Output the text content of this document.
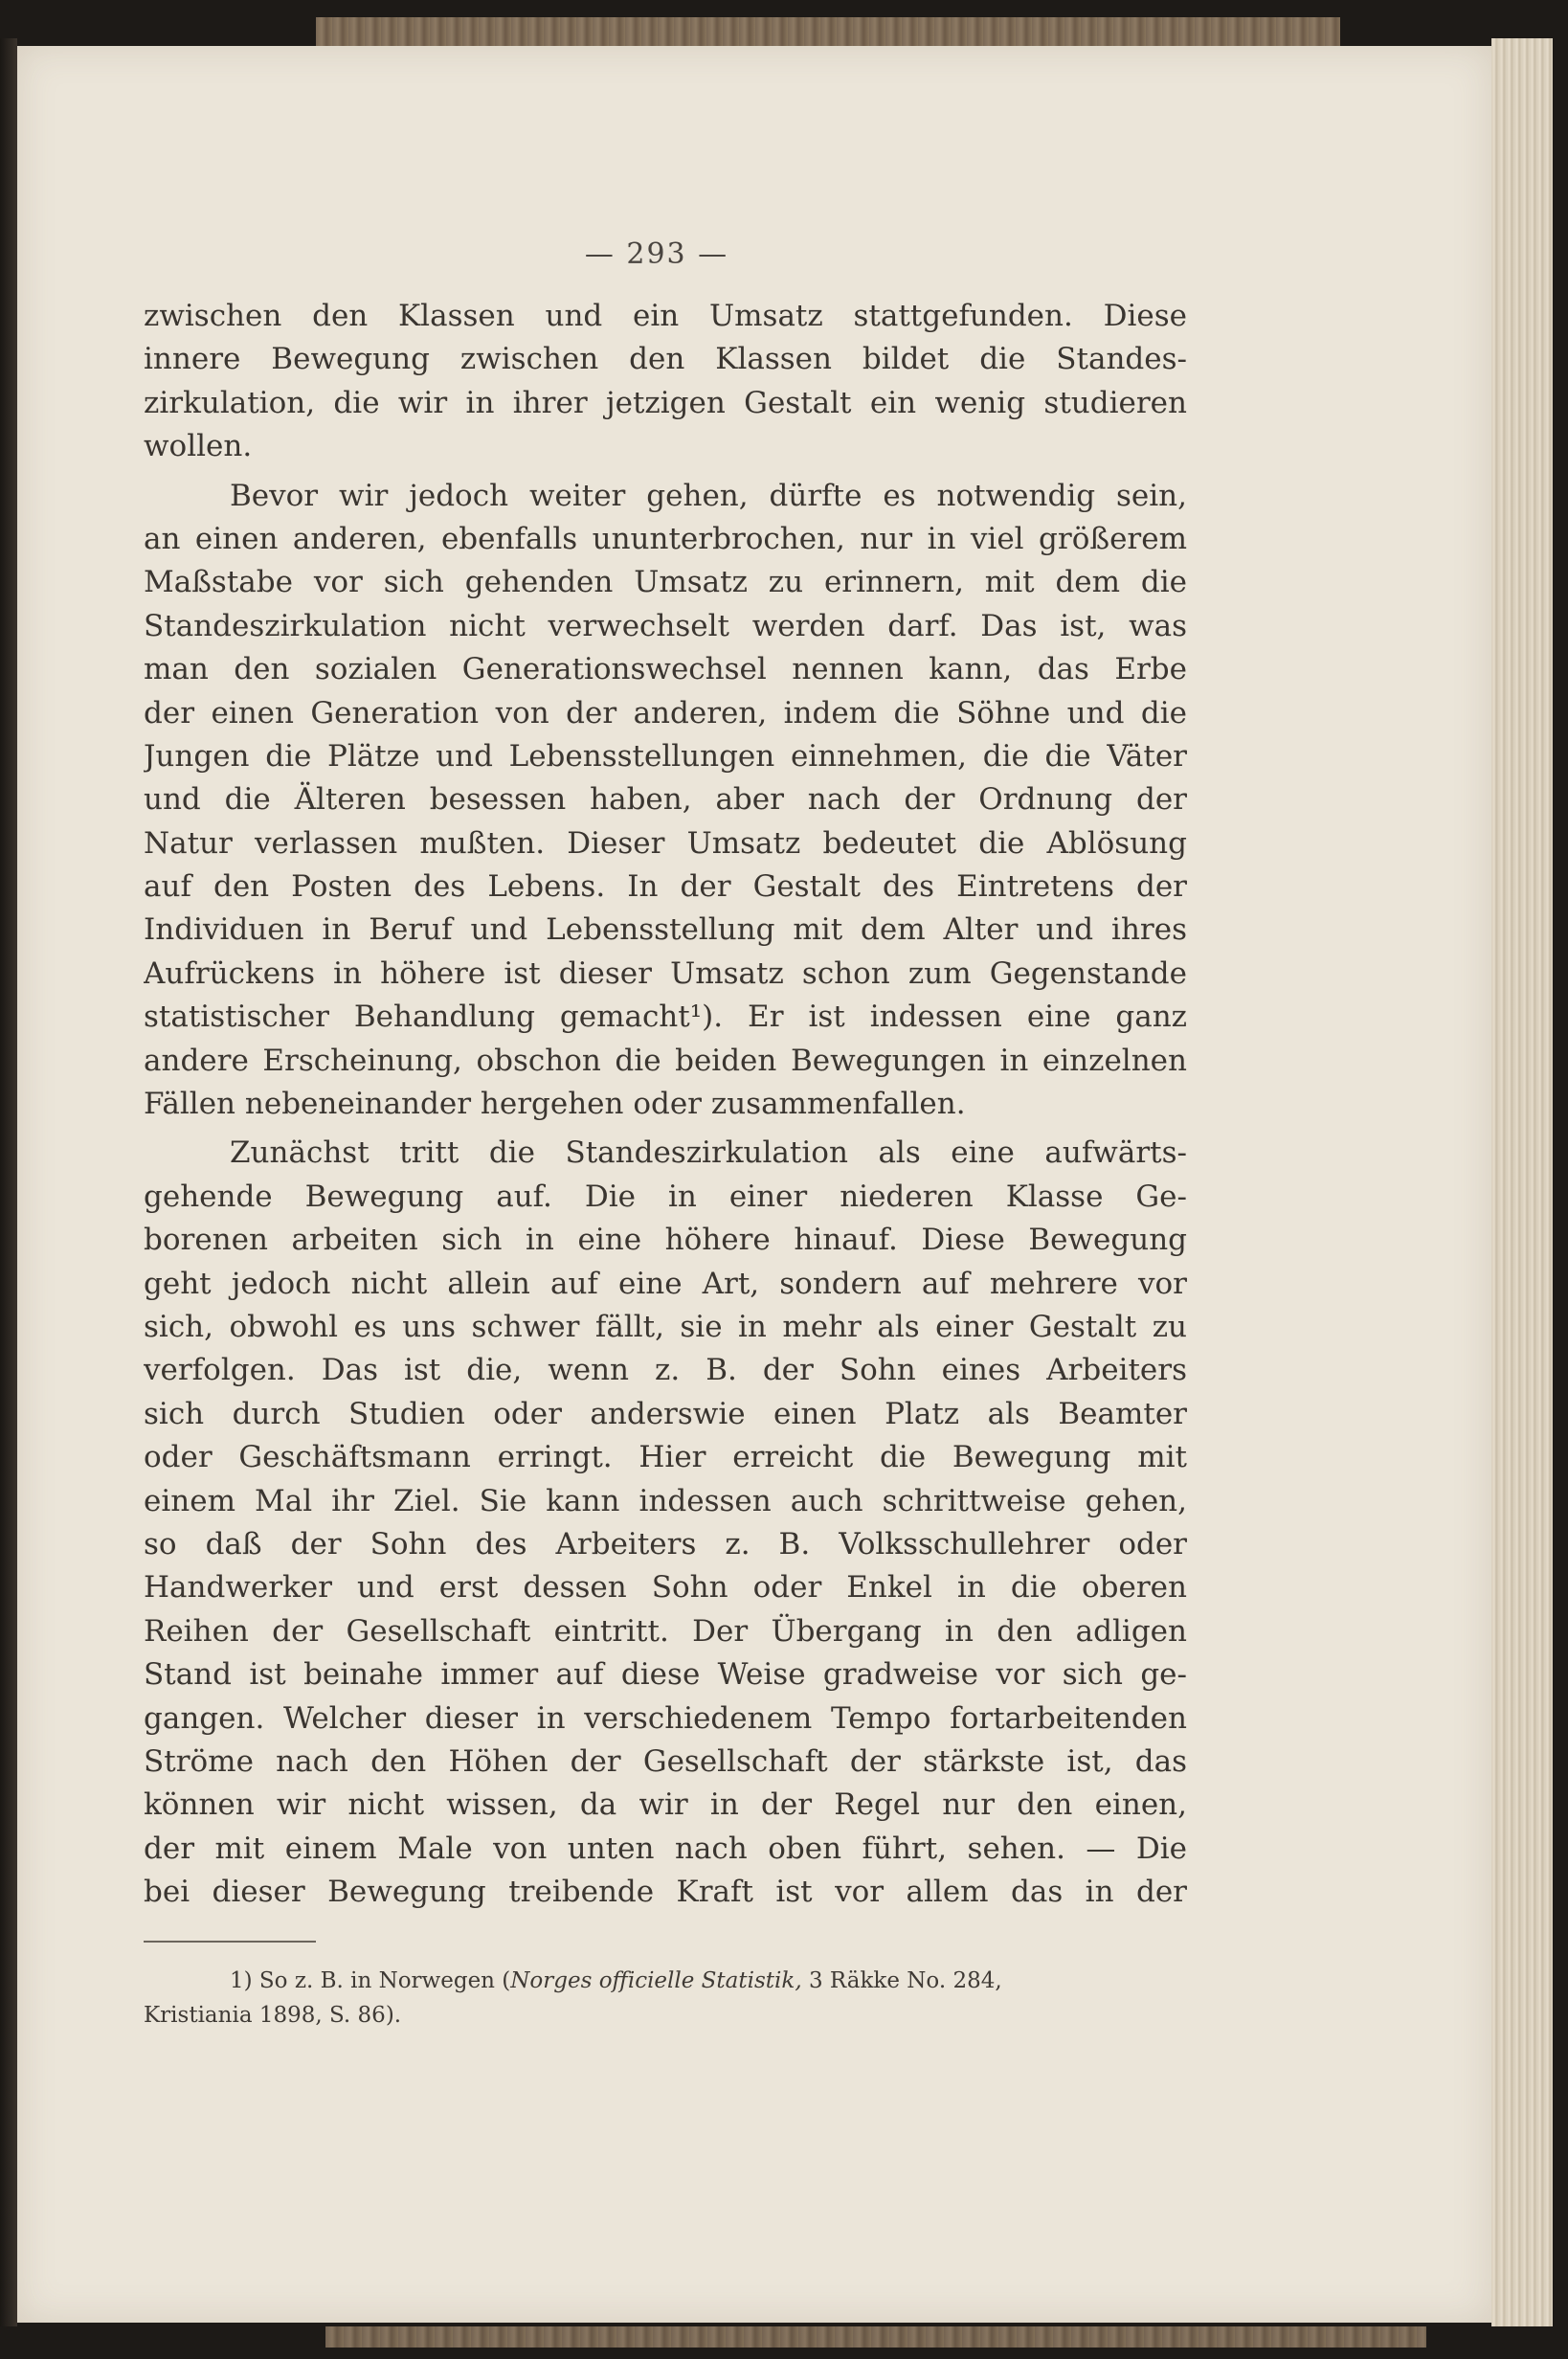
— 293 —
zwischen den Klassen und ein Umsatz stattgefunden. Diese
innere Bewegung zwischen den Klassen bildet die Standes-
zirkulation, die wir in ihrer jetzigen Gestalt ein wenig studieren
wollen.
Bevor wir jedoch weiter gehen, dürfte es notwendig sein,
an einen anderen, ebenfalls ununterbrochen, nur in viel größerem
Maßstabe vor sich gehenden Umsatz zu erinnern, mit dem die
Standeszirkulation nicht verwechselt werden darf. Das ist, was
man den sozialen Generationswechsel nennen kann, das Erbe
der einen Generation von der anderen, indem die Söhne und die
Jungen die Plätze und Lebensstellungen einnehmen, die die Väter
und die Älteren besessen haben, aber nach der Ordnung der
Natur verlassen mußten. Dieser Umsatz bedeutet die Ablösung
auf den Posten des Lebens. In der Gestalt des Eintretens der
Individuen in Beruf und Lebensstellung mit dem Alter und ihres
Aufrückens in höhere ist dieser Umsatz schon zum Gegenstande
statistischer Behandlung gemacht¹). Er ist indessen eine ganz
andere Erscheinung, obschon die beiden Bewegungen in einzelnen
Fällen nebeneinander hergehen oder zusammenfallen.
Zunächst tritt die Standeszirkulation als eine aufwärts-
gehende Bewegung auf. Die in einer niederen Klasse Ge-
borenen arbeiten sich in eine höhere hinauf. Diese Bewegung
geht jedoch nicht allein auf eine Art, sondern auf mehrere vor
sich, obwohl es uns schwer fällt, sie in mehr als einer Gestalt zu
verfolgen. Das ist die, wenn z. B. der Sohn eines Arbeiters
sich durch Studien oder anderswie einen Platz als Beamter
oder Geschäftsmann erringt. Hier erreicht die Bewegung mit
einem Mal ihr Ziel. Sie kann indessen auch schrittweise gehen,
so daß der Sohn des Arbeiters z. B. Volksschullehrer oder
Handwerker und erst dessen Sohn oder Enkel in die oberen
Reihen der Gesellschaft eintritt. Der Übergang in den adligen
Stand ist beinahe immer auf diese Weise gradweise vor sich ge-
gangen. Welcher dieser in verschiedenem Tempo fortarbeitenden
Ströme nach den Höhen der Gesellschaft der stärkste ist, das
können wir nicht wissen, da wir in der Regel nur den einen,
der mit einem Male von unten nach oben führt, sehen. — Die
bei dieser Bewegung treibende Kraft ist vor allem das in der
1) So z. B. in Norwegen (Norges officielle Statistik, 3 Räkke No. 284,
Kristiania 1898, S. 86).
